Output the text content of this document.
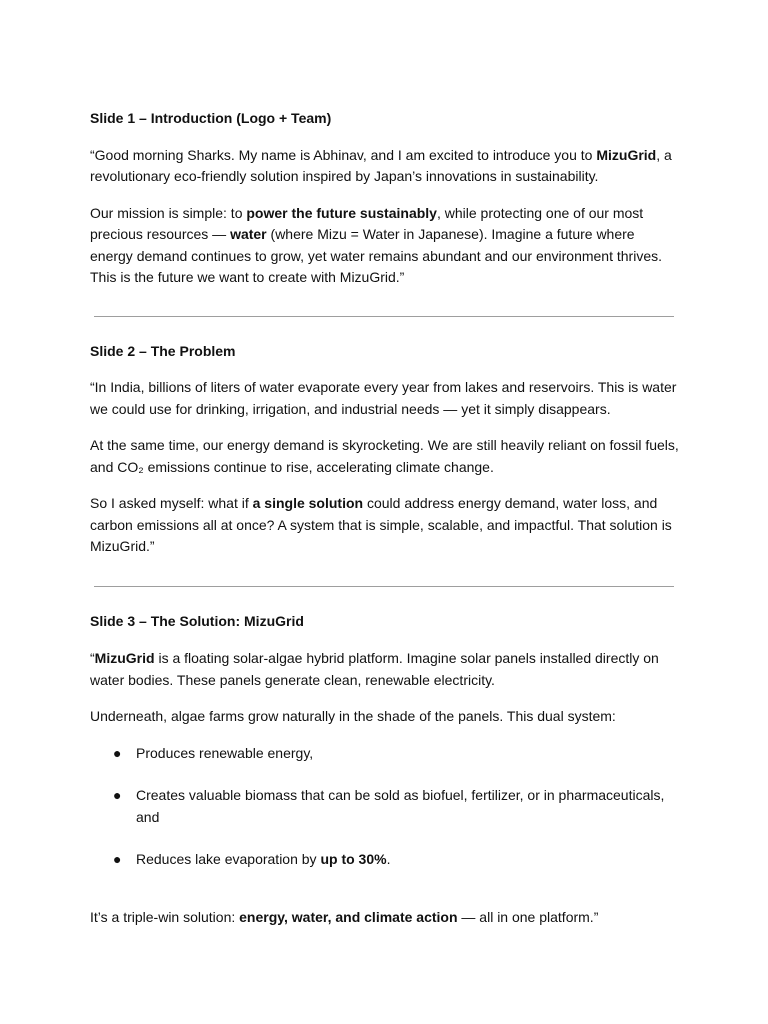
Slide 1 – Introduction (Logo + Team)

“Good morning Sharks. My name is Abhinav, and I am excited to introduce you to MizuGrid, a revolutionary eco-friendly solution inspired by Japan’s innovations in sustainability.

Our mission is simple: to power the future sustainably, while protecting one of our most precious resources — water (where Mizu = Water in Japanese). Imagine a future where energy demand continues to grow, yet water remains abundant and our environment thrives. This is the future we want to create with MizuGrid.”

Slide 2 – The Problem

“In India, billions of liters of water evaporate every year from lakes and reservoirs. This is water we could use for drinking, irrigation, and industrial needs — yet it simply disappears.

At the same time, our energy demand is skyrocketing. We are still heavily reliant on fossil fuels, and CO₂ emissions continue to rise, accelerating climate change.

So I asked myself: what if a single solution could address energy demand, water loss, and carbon emissions all at once? A system that is simple, scalable, and impactful. That solution is MizuGrid.”

Slide 3 – The Solution: MizuGrid

“MizuGrid is a floating solar-algae hybrid platform. Imagine solar panels installed directly on water bodies. These panels generate clean, renewable electricity.

Underneath, algae farms grow naturally in the shade of the panels. This dual system:

● Produces renewable energy,
● Creates valuable biomass that can be sold as biofuel, fertilizer, or in pharmaceuticals, and
● Reduces lake evaporation by up to 30%.

It’s a triple-win solution: energy, water, and climate action — all in one platform.”
